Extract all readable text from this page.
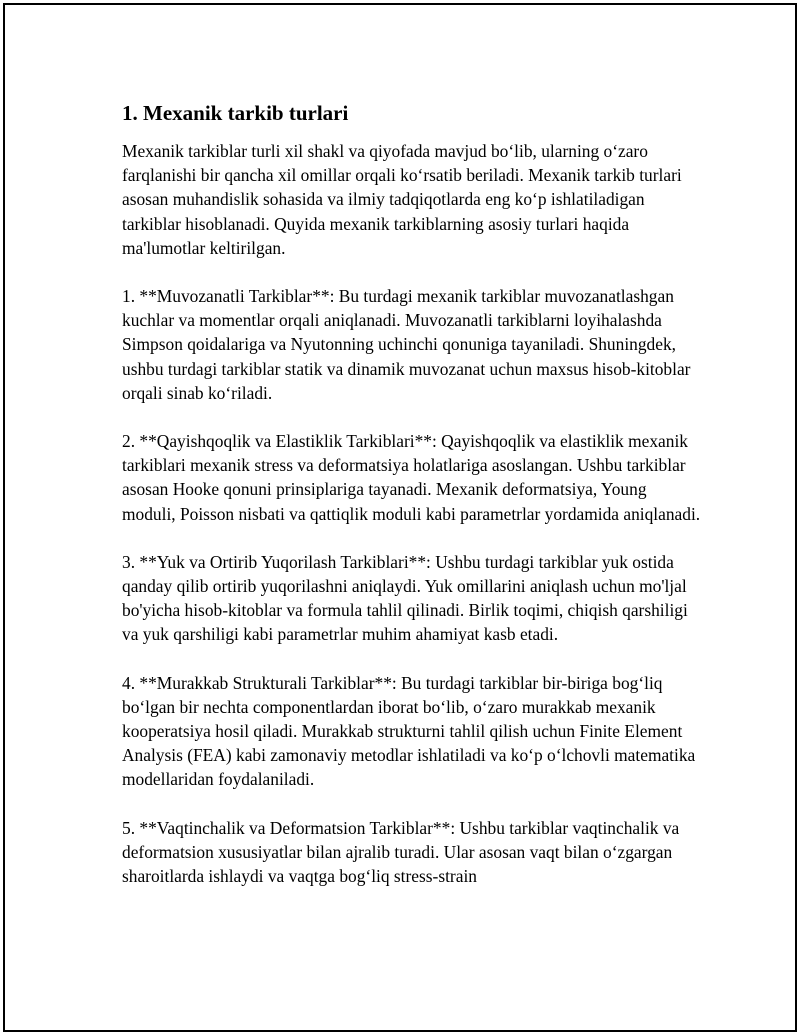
1. Mexanik tarkib turlari

Mexanik tarkiblar turli xil shakl va qiyofada mavjud bo‘lib, ularning o‘zaro farqlanishi bir qancha xil omillar orqali ko‘rsatib beriladi. Mexanik tarkib turlari asosan muhandislik sohasida va ilmiy tadqiqotlarda eng ko‘p ishlatiladigan tarkiblar hisoblanadi. Quyida mexanik tarkiblarning asosiy turlari haqida ma'lumotlar keltirilgan.

1. **Muvozanatli Tarkiblar**: Bu turdagi mexanik tarkiblar muvozanatlashgan kuchlar va momentlar orqali aniqlanadi. Muvozanatli tarkiblarni loyihalashda Simpson qoidalariga va Nyutonning uchinchi qonuniga tayaniladi. Shuningdek, ushbu turdagi tarkiblar statik va dinamik muvozanat uchun maxsus hisob-kitoblar orqali sinab ko‘riladi.

2. **Qayishqoqlik va Elastiklik Tarkiblari**: Qayishqoqlik va elastiklik mexanik tarkiblari mexanik stress va deformatsiya holatlariga asoslangan. Ushbu tarkiblar asosan Hooke qonuni prinsiplariga tayanadi. Mexanik deformatsiya, Young moduli, Poisson nisbati va qattiqlik moduli kabi parametrlar yordamida aniqlanadi.

3. **Yuk va Ortirib Yuqorilash Tarkiblari**: Ushbu turdagi tarkiblar yuk ostida qanday qilib ortirib yuqorilashni aniqlaydi. Yuk omillarini aniqlash uchun mo'ljal bo'yicha hisob-kitoblar va formula tahlil qilinadi. Birlik toqimi, chiqish qarshiligi va yuk qarshiligi kabi parametrlar muhim ahamiyat kasb etadi.

4. **Murakkab Strukturali Tarkiblar**: Bu turdagi tarkiblar bir-biriga bog‘liq bo‘lgan bir nechta componentlardan iborat bo‘lib, o‘zaro murakkab mexanik kooperatsiya hosil qiladi. Murakkab strukturni tahlil qilish uchun Finite Element Analysis (FEA) kabi zamonaviy metodlar ishlatiladi va ko‘p o‘lchovli matematika modellaridan foydalaniladi.

5. **Vaqtinchalik va Deformatsion Tarkiblar**: Ushbu tarkiblar vaqtinchalik va deformatsion xususiyatlar bilan ajralib turadi. Ular asosan vaqt bilan o‘zgargan sharoitlarda ishlaydi va vaqtga bog‘liq stress-strain
